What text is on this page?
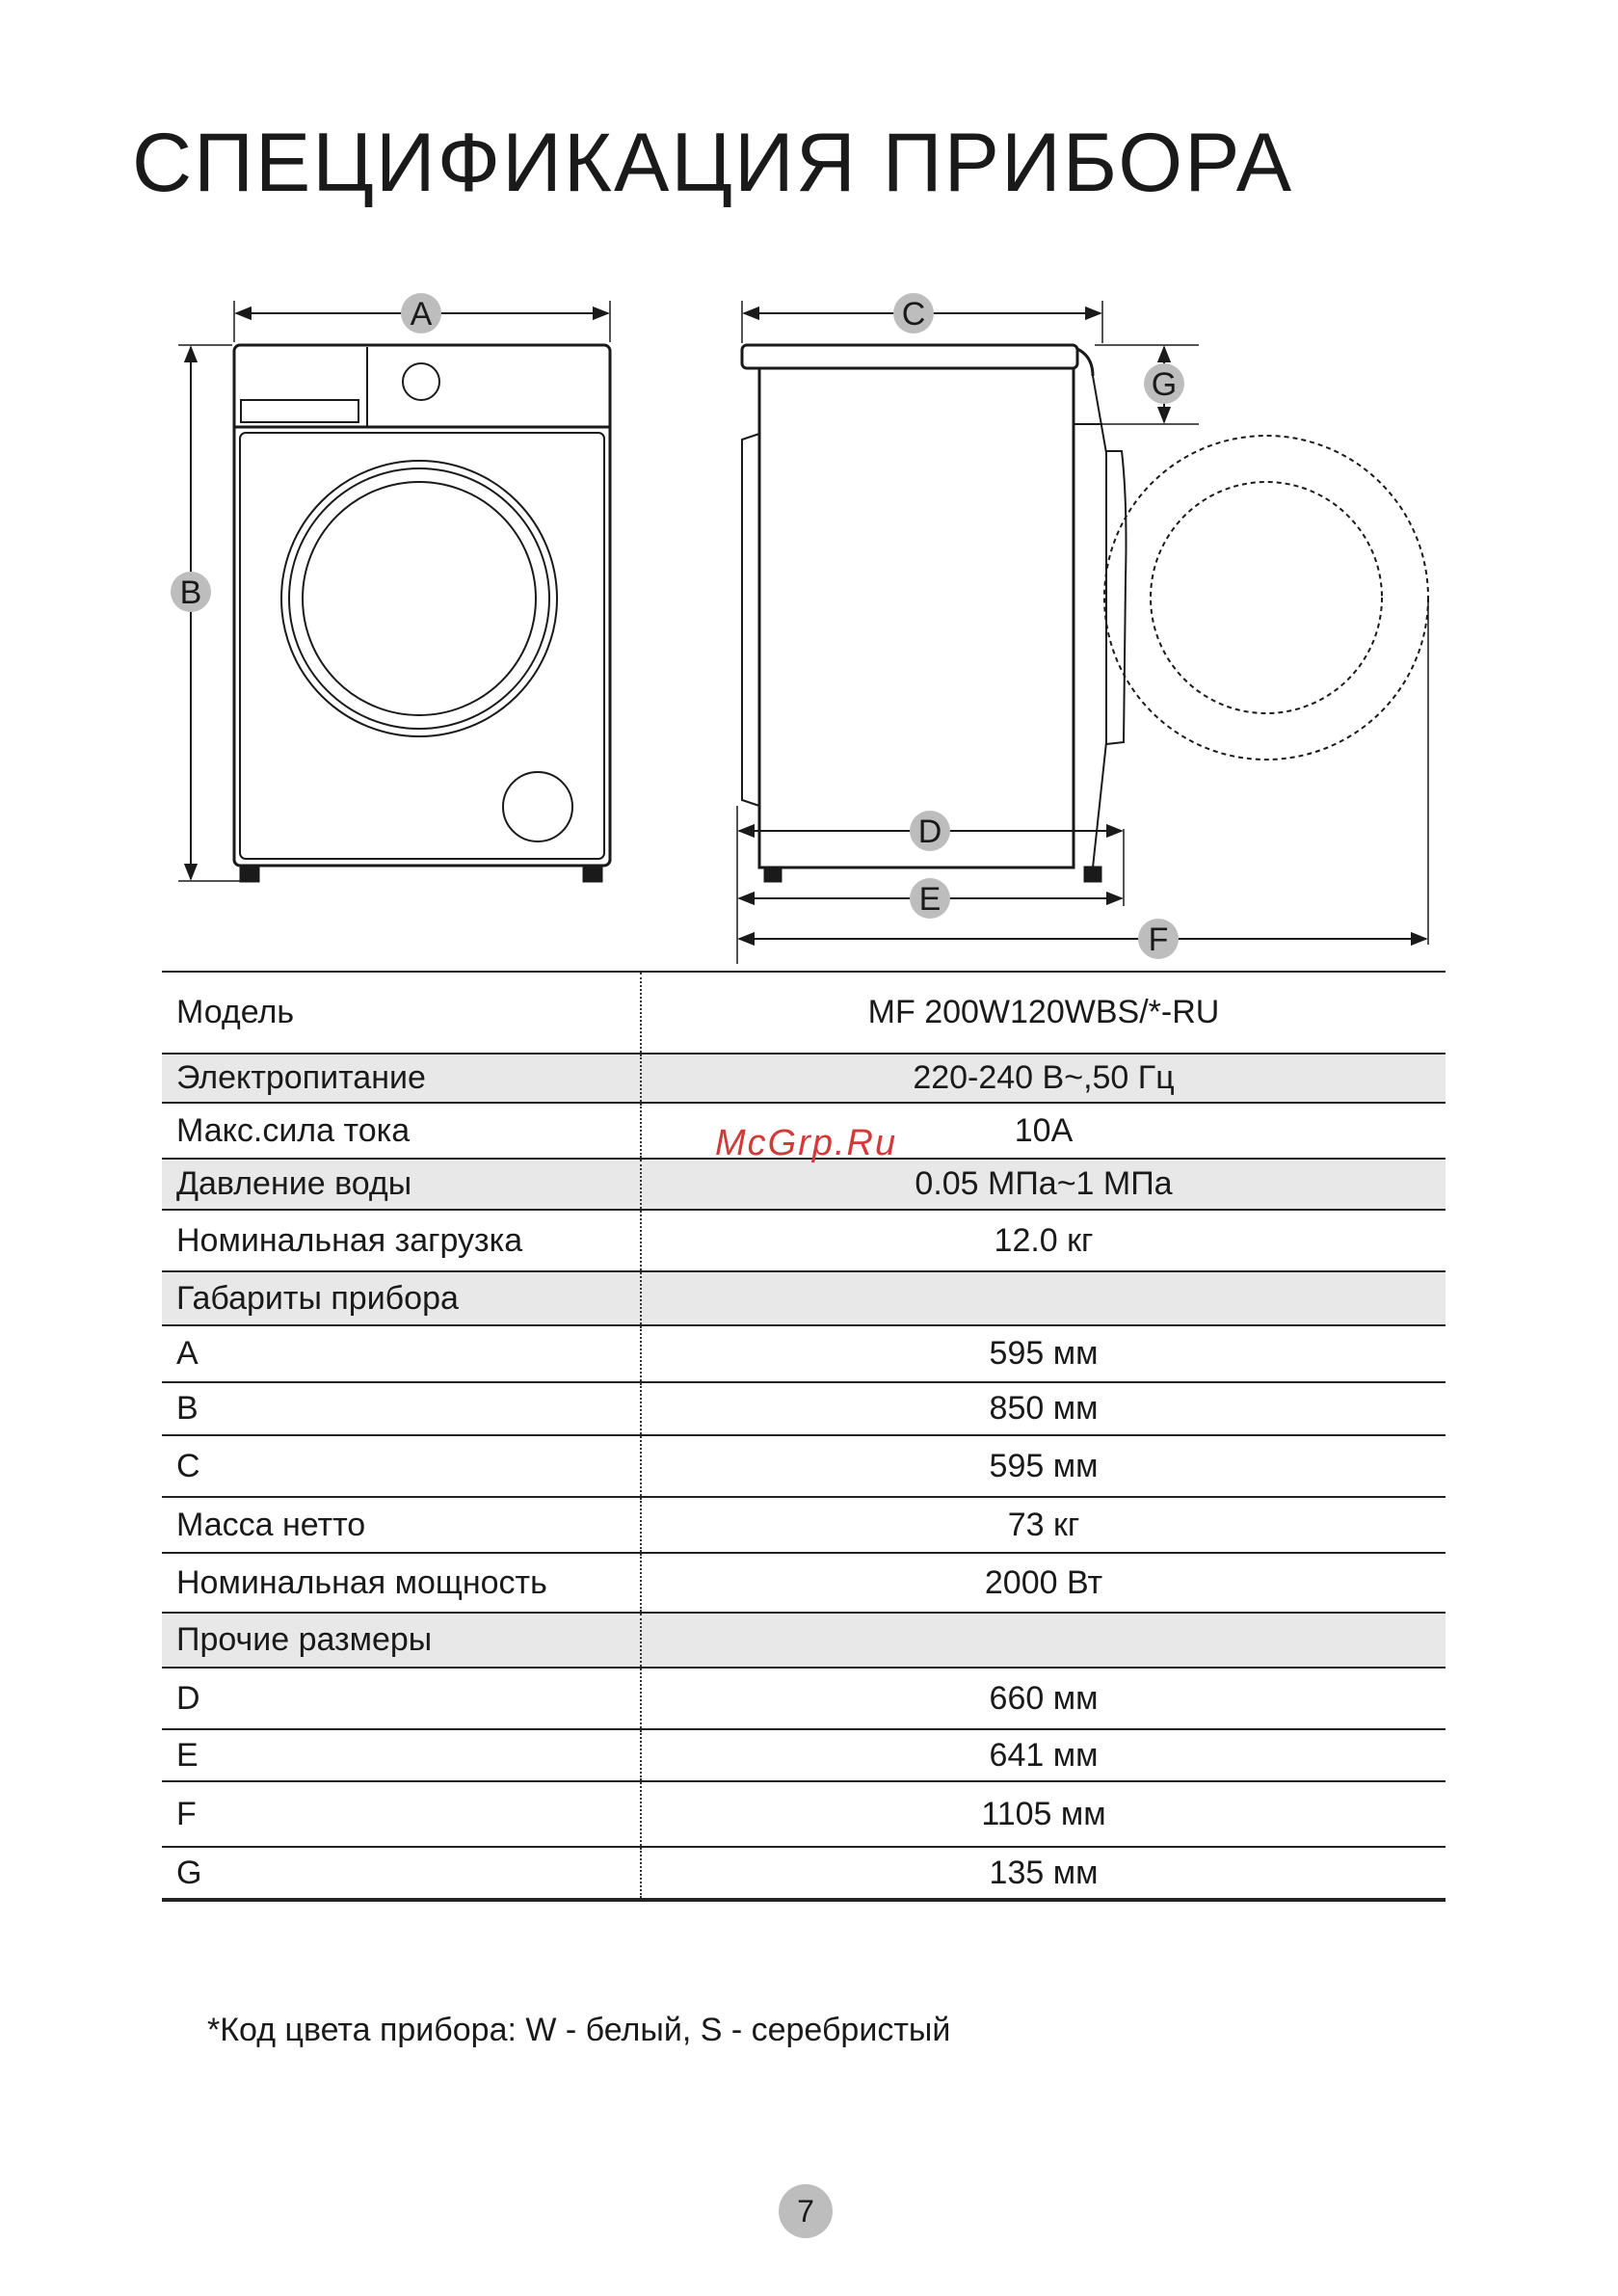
СПЕЦИФИКАЦИЯ ПРИБОРА
A
B
C
G
D
E
F
Модель	MF 200W120WBS/*-RU
Электропитание	220-240 В~,50 Гц
Макс.сила тока	10А
Давление воды	0.05 МПа~1 МПа
Номинальная загрузка	12.0 кг
Габариты прибора	
A	595 мм
B	850 мм
C	595 мм
Масса нетто	73 кг
Номинальная мощность	2000 Вт
Прочие размеры	
D	660 мм
E	641 мм
F	1105 мм
G	135 мм
McGrp.Ru
*Код цвета прибора: W - белый, S - серебристый
7
